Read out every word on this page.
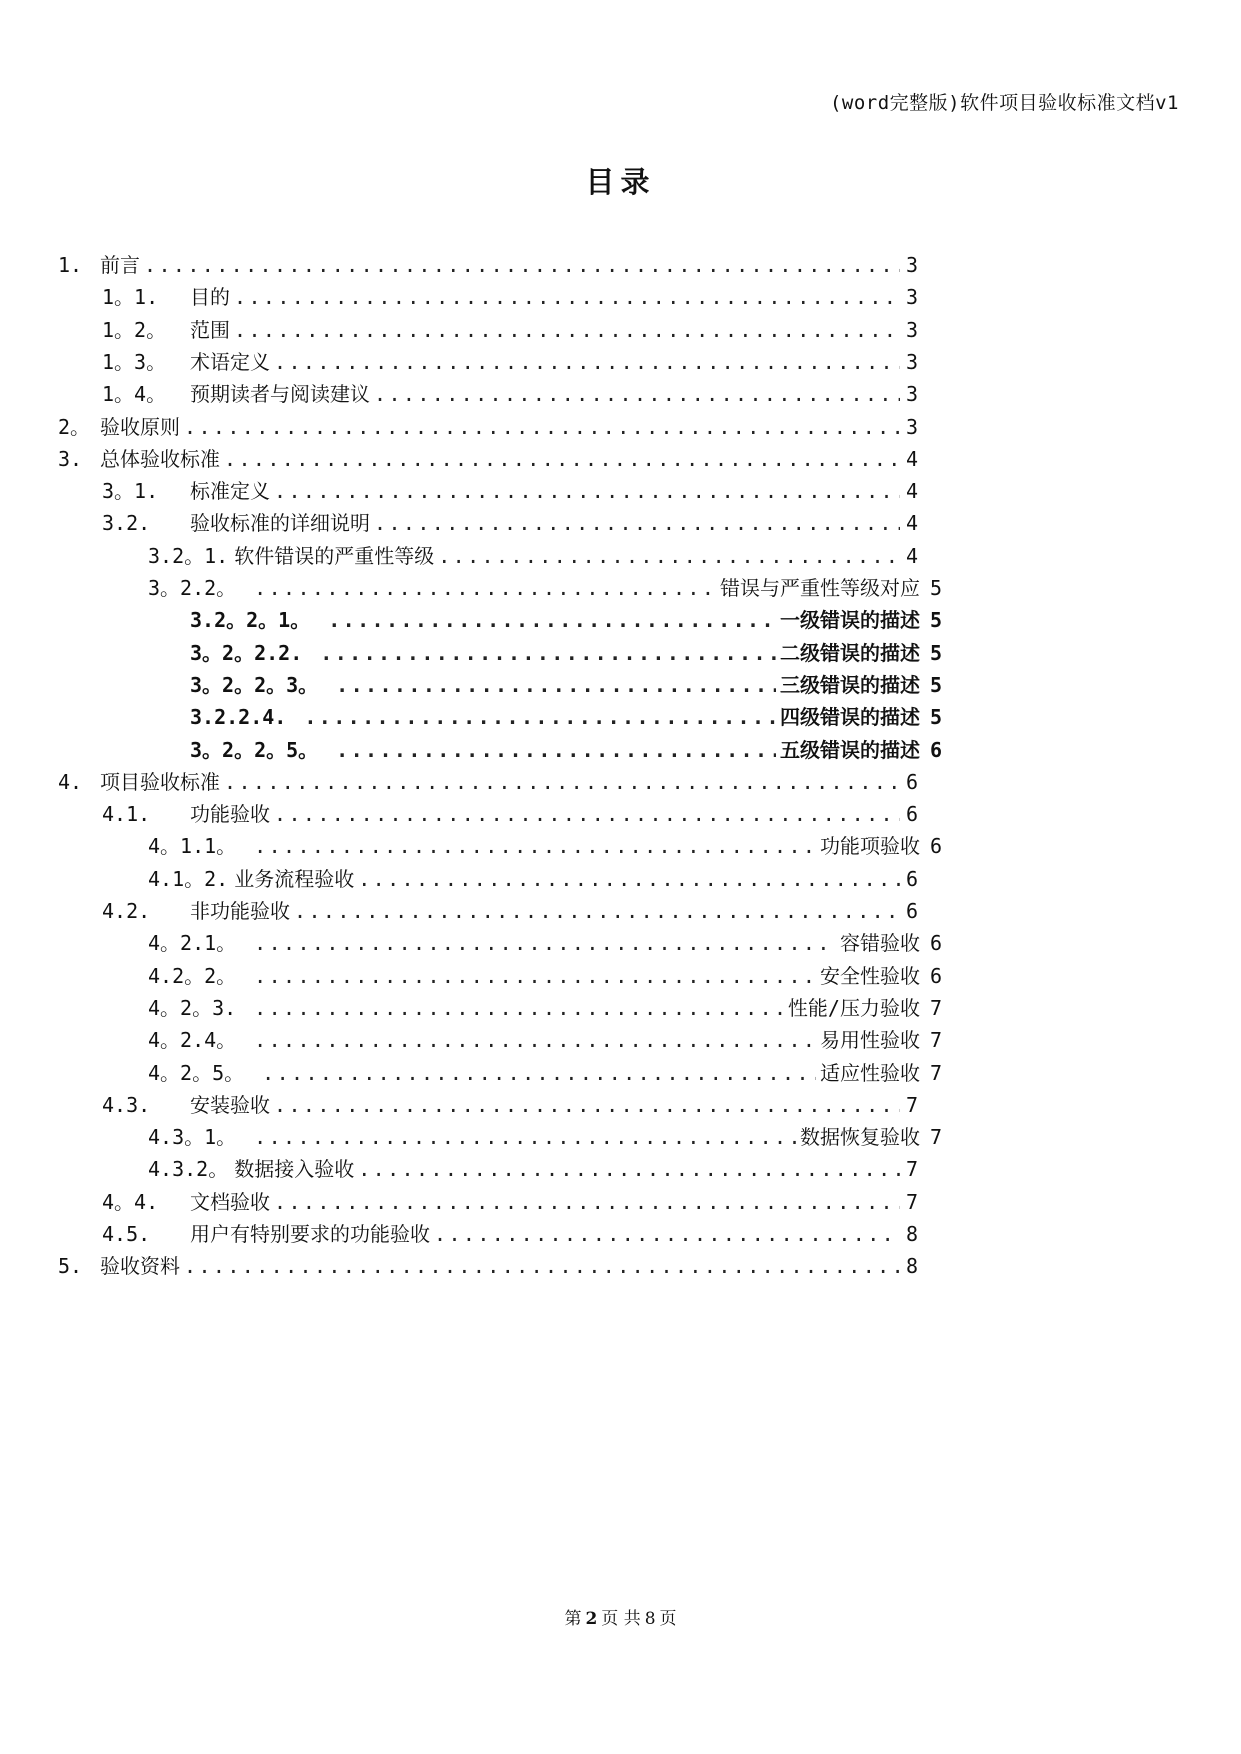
(word完整版)软件项目验收标准文档v1
目录
1. 前言 .....	3
1。1.	目的 .....	3
1。2。	范围 .....	3
1。3。	术语定义 .....	3
1。4。	预期读者与阅读建议 .....	3
2。 验收原则 .....	3
3. 总体验收标准 .....	4
3。1.	标准定义 .....	4
3.2.	验收标准的详细说明 .....	4
3.2。1. 软件错误的严重性等级 .....	4
3。2.2。 .....	错误与严重性等级对应 5
3.2。2。1。 .....	一级错误的描述 5
3。2。2.2. .....	二级错误的描述 5
3。2。2。3。 .....	三级错误的描述 5
3.2.2.4. .....	四级错误的描述 5
3。2。2。5。 .....	五级错误的描述 6
4. 项目验收标准 .....	6
4.1.	功能验收 .....	6
4。1.1。 .....	功能项验收 6
4.1。2. 业务流程验收 .....	6
4.2.	非功能验收 .....	6
4。2.1。 .....	容错验收 6
4.2。2。 .....	安全性验收 6
4。2。3. .....	性能/压力验收 7
4。2.4。 .....	易用性验收 7
4。2。5。 .....	适应性验收 7
4.3.	安装验收 .....	7
4.3。1。 .....	数据恢复验收 7
4.3.2。 数据接入验收 .....	7
4。4.	文档验收 .....	7
4.5.	用户有特别要求的功能验收 .....	8
5. 验收资料 .....	8
第 2 页 共 8 页
